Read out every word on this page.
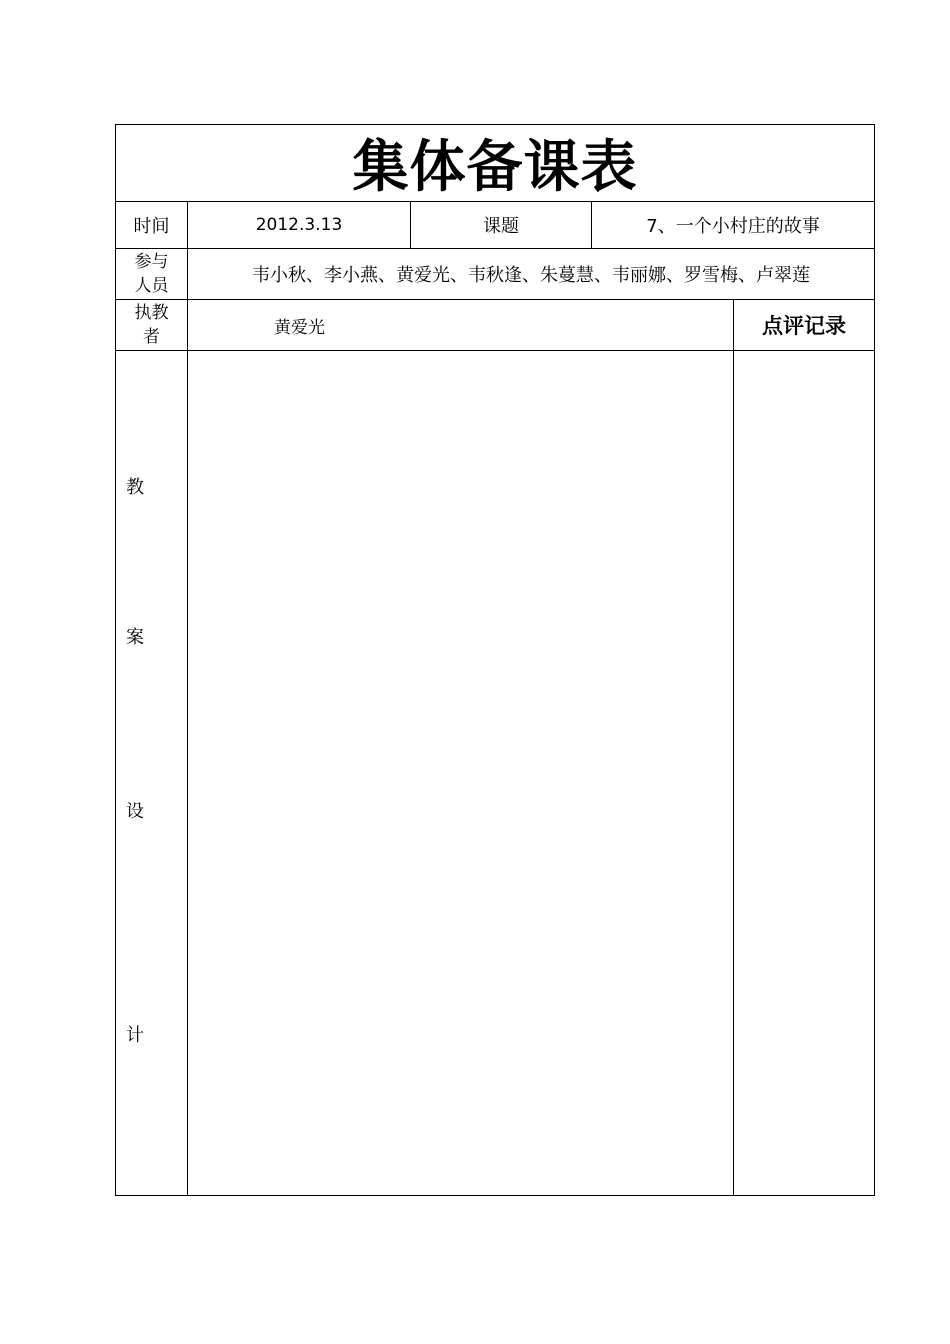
集体备课表
时间	2012.3.13	课题	7、一个小村庄的故事
参与
人员	韦小秋、李小燕、黄爱光、韦秋逢、朱蔓慧、韦丽娜、罗雪梅、卢翠莲
执教
者	黄爱光	点评记录
教
案
设
计
